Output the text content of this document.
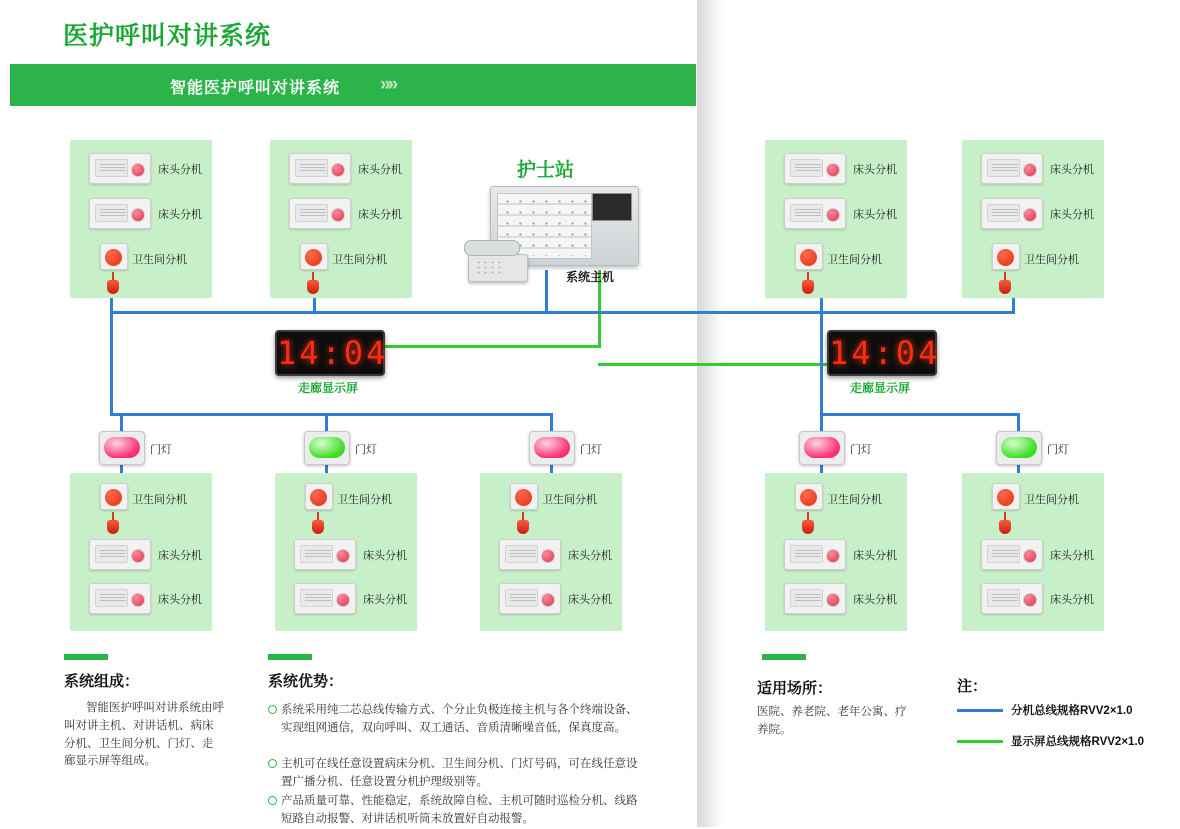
医护呼叫对讲系统
智能医护呼叫对讲系统 »»
床头分机
床头分机
卫生间分机
床头分机
床头分机
卫生间分机
床头分机
床头分机
卫生间分机
床头分机
床头分机
卫生间分机
护士站
系统主机
14:04
走廊显示屏
14:04
走廊显示屏
门灯	门灯	门灯	门灯	门灯
卫生间分机
床头分机
床头分机
卫生间分机
床头分机
床头分机
卫生间分机
床头分机
床头分机
卫生间分机
床头分机
床头分机
卫生间分机
床头分机
床头分机
系统组成：
智能医护呼叫对讲系统由呼叫对讲主机、对讲话机、病床分机、卫生间分机、门灯、走廊显示屏等组成。
系统优势：
系统采用纯二芯总线传输方式、个分止负极连接主机与各个终端设备、实现组网通信，双向呼叫、双工通话、音质清晰噪音低，保真度高。
主机可在线任意设置病床分机、卫生间分机、门灯号码，可在线任意设置广播分机、任意设置分机护理级别等。
产品质量可靠、性能稳定，系统故障自检、主机可随时巡检分机、线路短路自动报警、对讲话机听筒未放置好自动报警。
适用场所：
医院、养老院、老年公寓、疗养院。
注：
分机总线规格RVV2×1.0
显示屏总线规格RVV2×1.0
